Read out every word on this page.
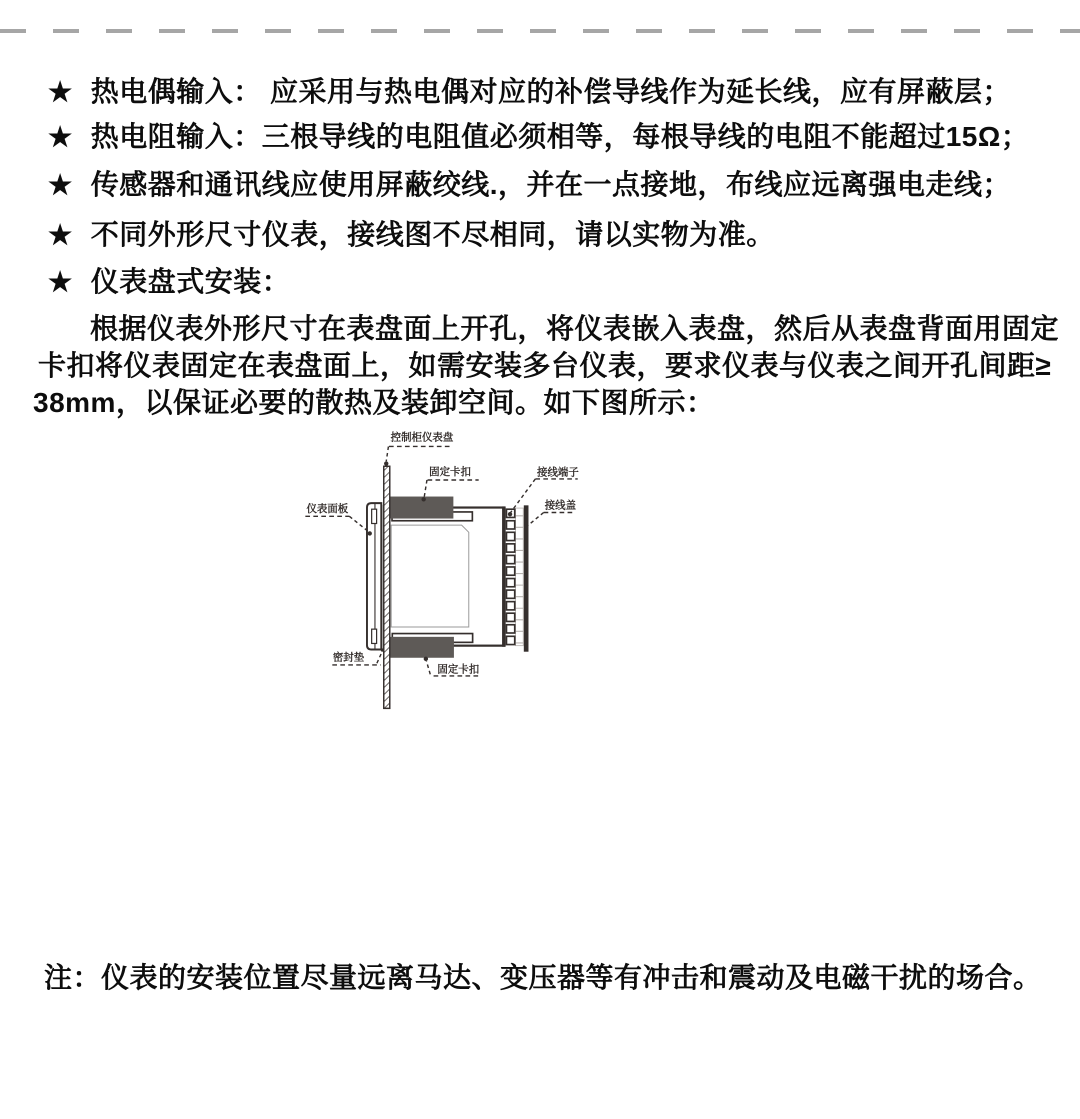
★ 热电偶输入： 应采用与热电偶对应的补偿导线作为延长线，应有屏蔽层；
★ 热电阻输入：三根导线的电阻值必须相等，每根导线的电阻不能超过15Ω；
★ 传感器和通讯线应使用屏蔽绞线.，并在一点接地，布线应远离强电走线；
★ 不同外形尺寸仪表，接线图不尽相同，请以实物为准。
★ 仪表盘式安装：
根据仪表外形尺寸在表盘面上开孔，将仪表嵌入表盘，然后从表盘背面用固定
卡扣将仪表固定在表盘面上，如需安装多台仪表，要求仪表与仪表之间开孔间距≥
38mm，以保证必要的散热及装卸空间。如下图所示：
控制柜仪表盘
固定卡扣	接线端子
接线盖
仪表面板
密封垫
固定卡扣
注：仪表的安装位置尽量远离马达、变压器等有冲击和震动及电磁干扰的场合。
